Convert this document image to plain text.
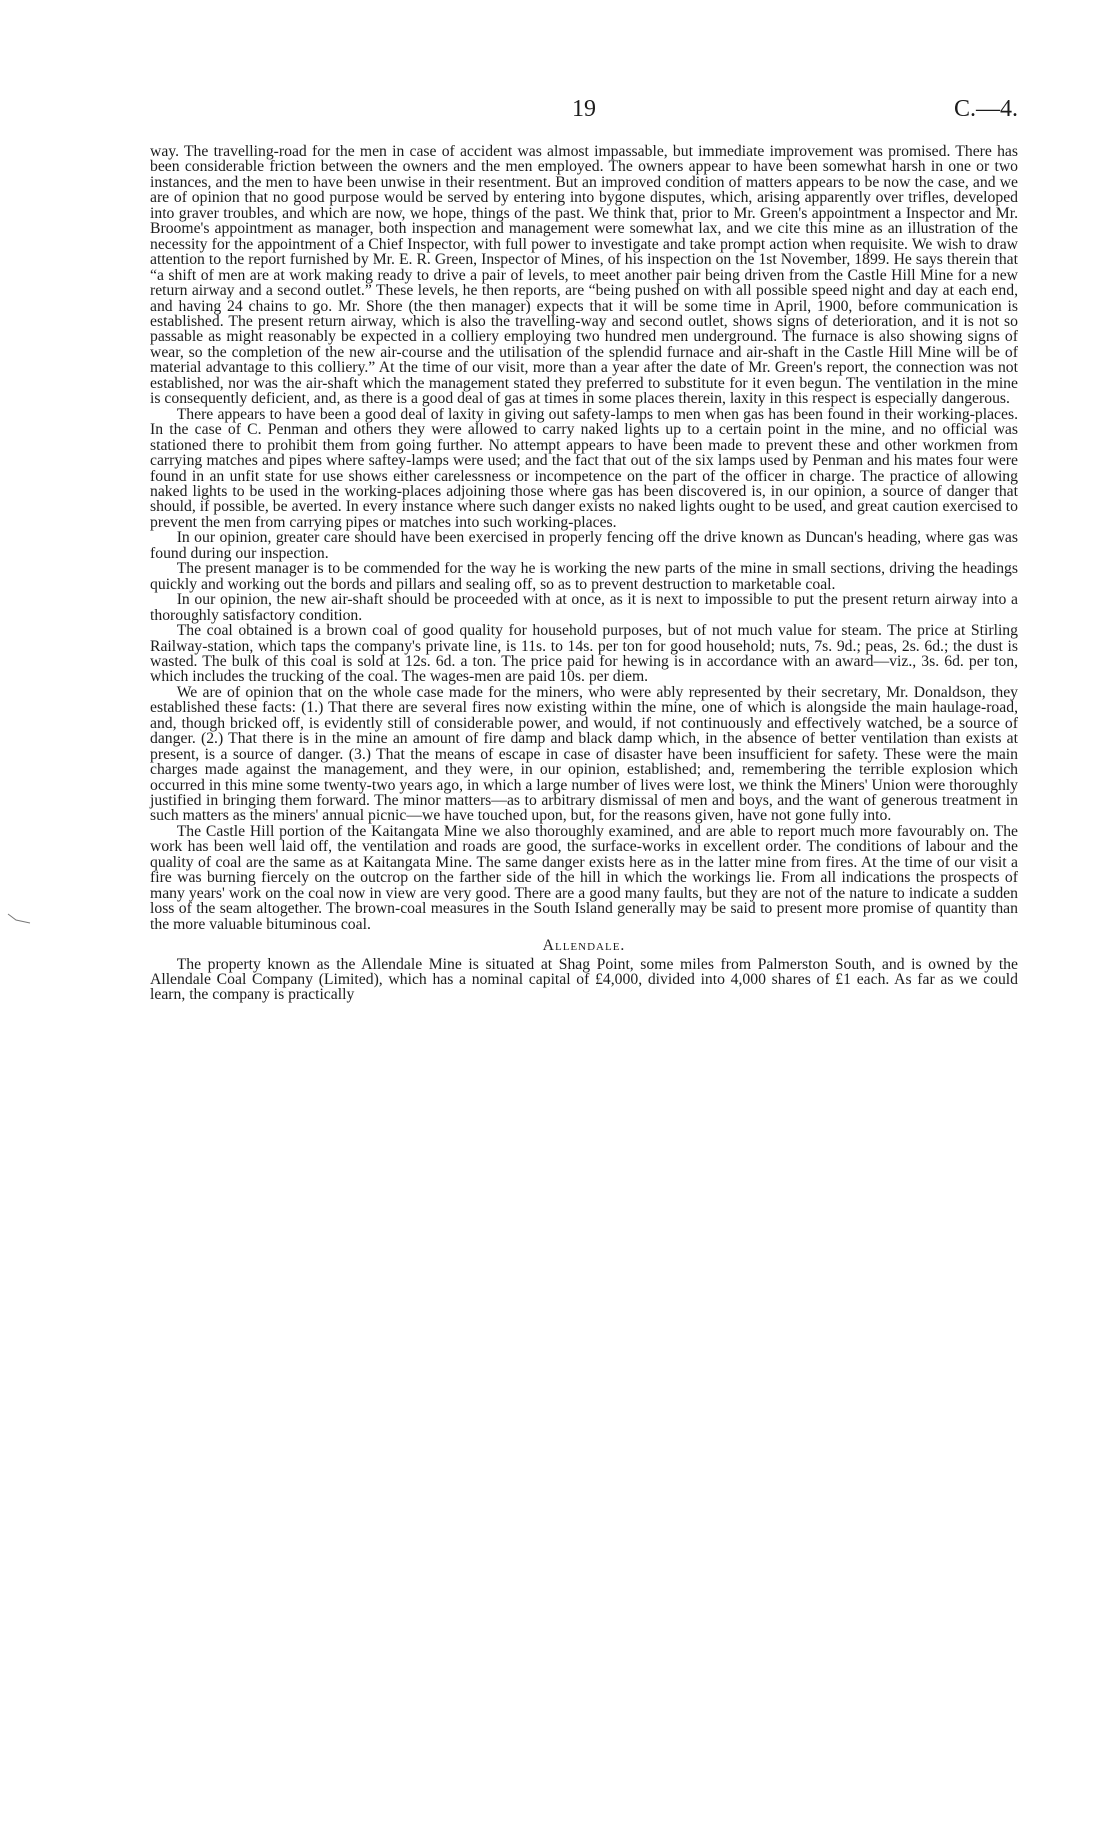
19	C.—4.

way. The travelling-road for the men in case of accident was almost impassable, but immediate improvement was promised. There has been considerable friction between the owners and the men employed. The owners appear to have been somewhat harsh in one or two instances, and the men to have been unwise in their resentment. But an improved condition of matters appears to be now the case, and we are of opinion that no good purpose would be served by entering into bygone disputes, which, arising apparently over trifles, developed into graver troubles, and which are now, we hope, things of the past. We think that, prior to Mr. Green's appointment a Inspector and Mr. Broome's appointment as manager, both inspection and management were somewhat lax, and we cite this mine as an illustration of the necessity for the appointment of a Chief Inspector, with full power to investigate and take prompt action when requisite. We wish to draw attention to the report furnished by Mr. E. R. Green, Inspector of Mines, of his inspection on the 1st November, 1899. He says therein that “a shift of men are at work making ready to drive a pair of levels, to meet another pair being driven from the Castle Hill Mine for a new return airway and a second outlet.” These levels, he then reports, are “being pushed on with all possible speed night and day at each end, and having 24 chains to go. Mr. Shore (the then manager) expects that it will be some time in April, 1900, before communication is established. The present return airway, which is also the travelling-way and second outlet, shows signs of deterioration, and it is not so passable as might reasonably be expected in a colliery employing two hundred men underground. The furnace is also showing signs of wear, so the completion of the new air-course and the utilisation of the splendid furnace and air-shaft in the Castle Hill Mine will be of material advantage to this colliery.” At the time of our visit, more than a year after the date of Mr. Green's report, the connection was not established, nor was the air-shaft which the management stated they preferred to substitute for it even begun. The ventilation in the mine is consequently deficient, and, as there is a good deal of gas at times in some places therein, laxity in this respect is especially dangerous.

There appears to have been a good deal of laxity in giving out safety-lamps to men when gas has been found in their working-places. In the case of C. Penman and others they were allowed to carry naked lights up to a certain point in the mine, and no official was stationed there to prohibit them from going further. No attempt appears to have been made to prevent these and other workmen from carrying matches and pipes where saftey-lamps were used; and the fact that out of the six lamps used by Penman and his mates four were found in an unfit state for use shows either carelessness or incompetence on the part of the officer in charge. The practice of allowing naked lights to be used in the working-places adjoining those where gas has been discovered is, in our opinion, a source of danger that should, if possible, be averted. In every instance where such danger exists no naked lights ought to be used, and great caution exercised to prevent the men from carrying pipes or matches into such working-places.

In our opinion, greater care should have been exercised in properly fencing off the drive known as Duncan's heading, where gas was found during our inspection.

The present manager is to be commended for the way he is working the new parts of the mine in small sections, driving the headings quickly and working out the bords and pillars and sealing off, so as to prevent destruction to marketable coal.

In our opinion, the new air-shaft should be proceeded with at once, as it is next to impossible to put the present return airway into a thoroughly satisfactory condition.

The coal obtained is a brown coal of good quality for household purposes, but of not much value for steam. The price at Stirling Railway-station, which taps the company's private line, is 11s. to 14s. per ton for good household; nuts, 7s. 9d.; peas, 2s. 6d.; the dust is wasted. The bulk of this coal is sold at 12s. 6d. a ton. The price paid for hewing is in accordance with an award—viz., 3s. 6d. per ton, which includes the trucking of the coal. The wages-men are paid 10s. per diem.

We are of opinion that on the whole case made for the miners, who were ably represented by their secretary, Mr. Donaldson, they established these facts: (1.) That there are several fires now existing within the mine, one of which is alongside the main haulage-road, and, though bricked off, is evidently still of considerable power, and would, if not continuously and effectively watched, be a source of danger. (2.) That there is in the mine an amount of fire damp and black damp which, in the absence of better ventilation than exists at present, is a source of danger. (3.) That the means of escape in case of disaster have been insufficient for safety. These were the main charges made against the management, and they were, in our opinion, established; and, remembering the terrible explosion which occurred in this mine some twenty-two years ago, in which a large number of lives were lost, we think the Miners' Union were thoroughly justified in bringing them forward. The minor matters—as to arbitrary dismissal of men and boys, and the want of generous treatment in such matters as the miners' annual picnic—we have touched upon, but, for the reasons given, have not gone fully into.

The Castle Hill portion of the Kaitangata Mine we also thoroughly examined, and are able to report much more favourably on. The work has been well laid off, the ventilation and roads are good, the surface-works in excellent order. The conditions of labour and the quality of coal are the same as at Kaitangata Mine. The same danger exists here as in the latter mine from fires. At the time of our visit a fire was burning fiercely on the outcrop on the farther side of the hill in which the workings lie. From all indications the prospects of many years' work on the coal now in view are very good. There are a good many faults, but they are not of the nature to indicate a sudden loss of the seam altogether. The brown-coal measures in the South Island generally may be said to present more promise of quantity than the more valuable bituminous coal.

Allendale.

The property known as the Allendale Mine is situated at Shag Point, some miles from Palmerston South, and is owned by the Allendale Coal Company (Limited), which has a nominal capital of £4,000, divided into 4,000 shares of £1 each. As far as we could learn, the company is practically
